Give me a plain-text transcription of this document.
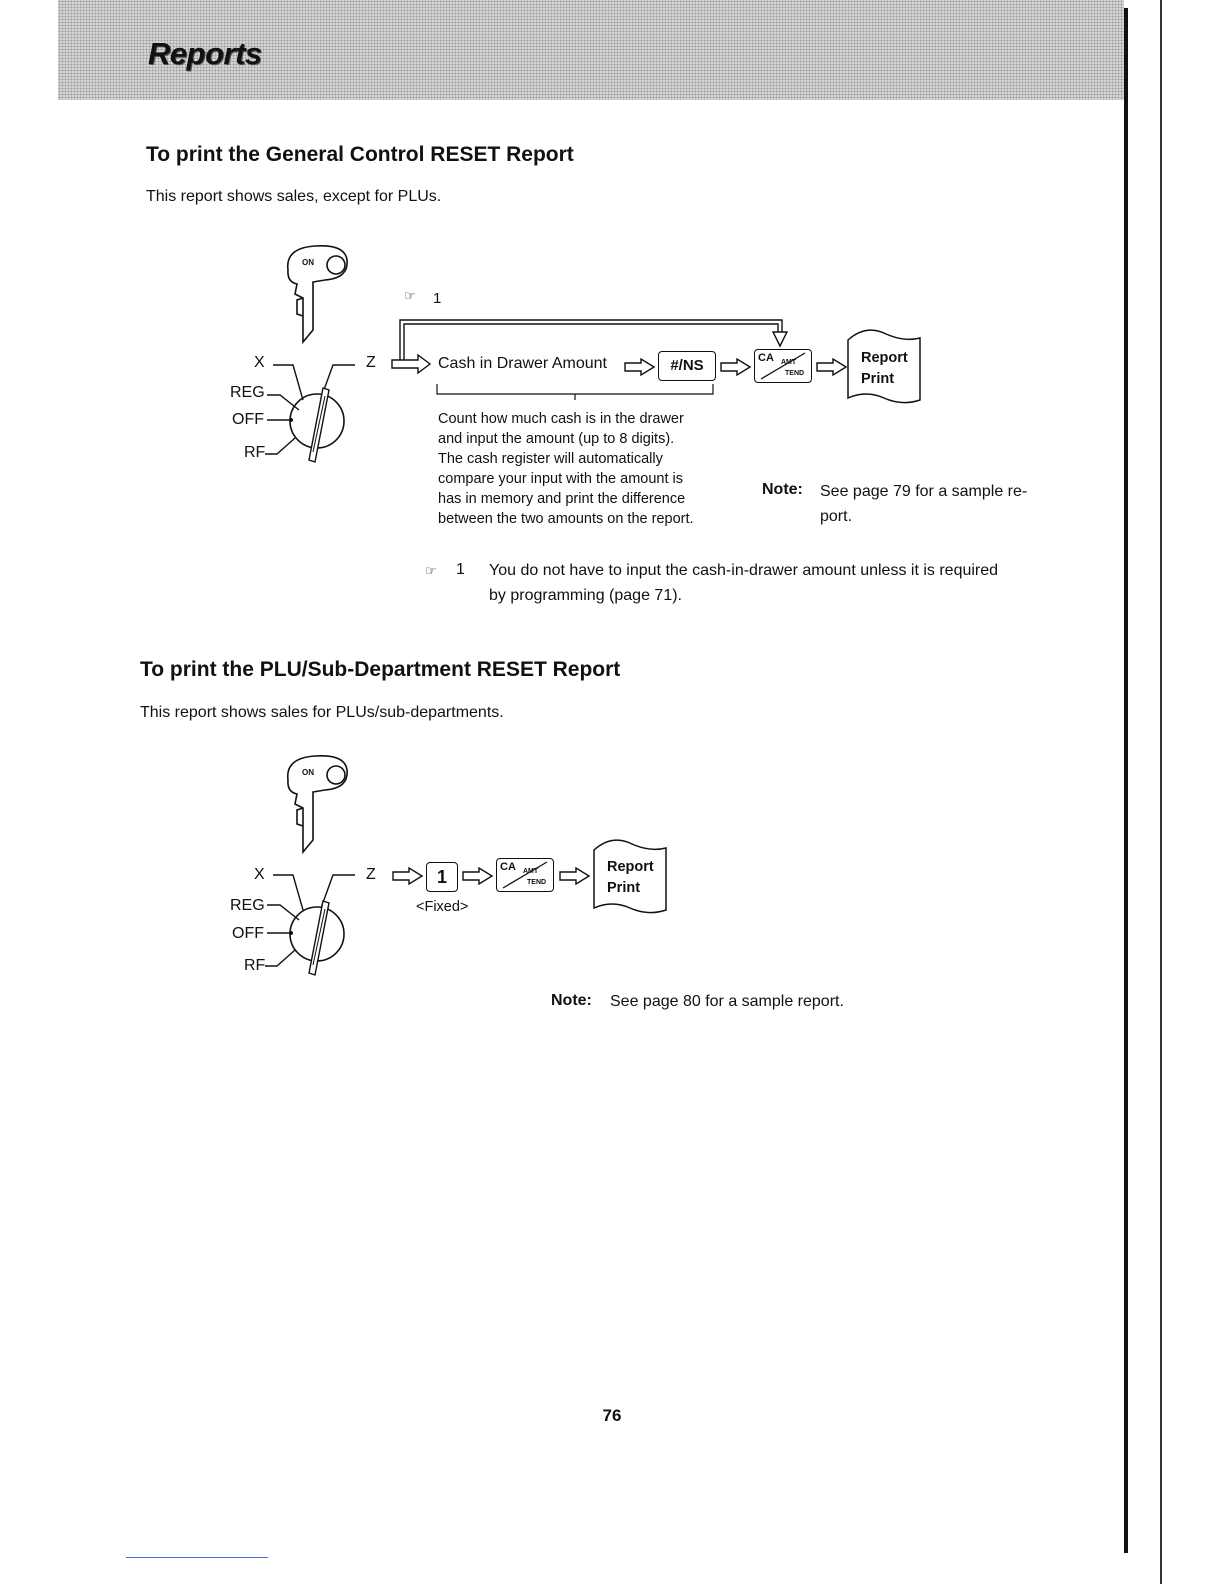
Reports
To print the General Control RESET Report
This report shows sales, except for PLUs.
ON
X	Z
REG
OFF
RF
☞ 1
Cash in Drawer Amount	#/NS	CA AMT
TEND
Report
Print
Count how much cash is in the drawer
and input the amount (up to 8 digits).
The cash register will automatically
compare your input with the amount is
has in memory and print the difference
between the two amounts on the report.
Note: See page 79 for a sample re-
port.
☞ 1 You do not have to input the cash-in-drawer amount unless it is required
by programming (page 71).
To print the PLU/Sub-Department RESET Report
This report shows sales for PLUs/sub-departments.
ON
X	Z
REG
OFF
RF
1
<Fixed>
CA AMT
TEND
Report
Print
Note: See page 80 for a sample report.
76
